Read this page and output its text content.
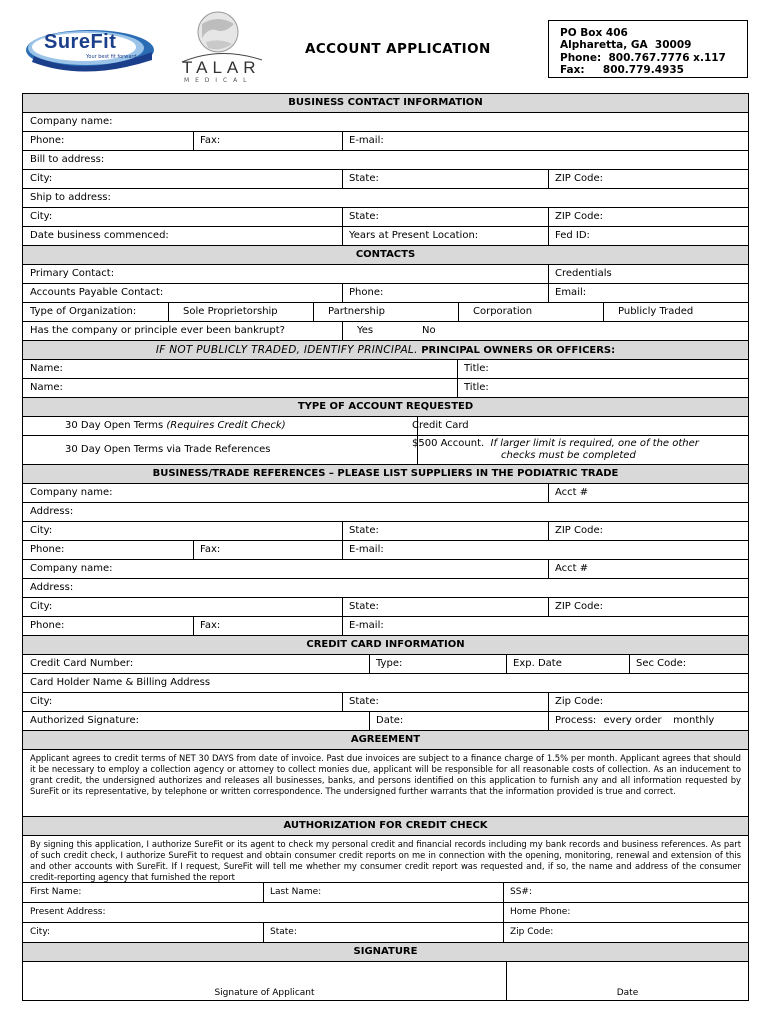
SureFit
Your best fit forward.
TALAR
M E D I C A L
ACCOUNT APPLICATION
PO Box 406
Alpharetta, GA  30009
Phone:  800.767.7776 x.117
Fax:     800.779.4935
BUSINESS CONTACT INFORMATION
Company name:
Phone:	Fax:	E-mail:
Bill to address:
City:	State:	ZIP Code:
Ship to address:
City:	State:	ZIP Code:
Date business commenced:	Years at Present Location:	Fed ID:
CONTACTS
Primary Contact:	Credentials
Accounts Payable Contact:	Phone:	Email:
Type of Organization:	Sole Proprietorship	Partnership	Corporation	Publicly Traded
Has the company or principle ever been bankrupt?	Yes	No
IF NOT PUBLICLY TRADED, IDENTIFY PRINCIPAL. PRINCIPAL OWNERS OR OFFICERS:
Name:	Title:
Name:	Title:
TYPE OF ACCOUNT REQUESTED
30 Day Open Terms (Requires Credit Check)	Credit Card
30 Day Open Terms via Trade References
$500 Account. If larger limit is required, one of the other
checks must be completed
BUSINESS/TRADE REFERENCES – PLEASE LIST SUPPLIERS IN THE PODIATRIC TRADE
Company name:	Acct #
Address:
City:	State:	ZIP Code:
Phone:	Fax:	E-mail:
Company name:	Acct #
Address:
City:	State:	ZIP Code:
Phone:	Fax:	E-mail:
CREDIT CARD INFORMATION
Credit Card Number:	Type:	Exp. Date	Sec Code:
Card Holder Name & Billing Address
City:	State:	Zip Code:
Authorized Signature:	Date:	Process: every order monthly
AGREEMENT
Applicant agrees to credit terms of NET 30 DAYS from date of invoice. Past due invoices are subject to a finance charge of 1.5% per month. Applicant agrees that should it be necessary to employ a collection agency or attorney to collect monies due, applicant will be responsible for all reasonable costs of collection. As an inducement to grant credit, the undersigned authorizes and releases all businesses, banks, and persons identified on this application to furnish any and all information requested by SureFit or its representative, by telephone or written correspondence. The undersigned further warrants that the information provided is true and correct.
AUTHORIZATION FOR CREDIT CHECK
By signing this application, I authorize SureFit or its agent to check my personal credit and financial records including my bank records and business references. As part of such credit check, I authorize SureFit to request and obtain consumer credit reports on me in connection with the opening, monitoring, renewal and extension of this and other accounts with SureFit. If I request, SureFit will tell me whether my consumer credit report was requested and, if so, the name and address of the consumer credit-reporting agency that furnished the report
First Name:	Last Name:	SS#:
Present Address:	Home Phone:
City:	State:	Zip Code:
SIGNATURE
Signature of Applicant	Date
